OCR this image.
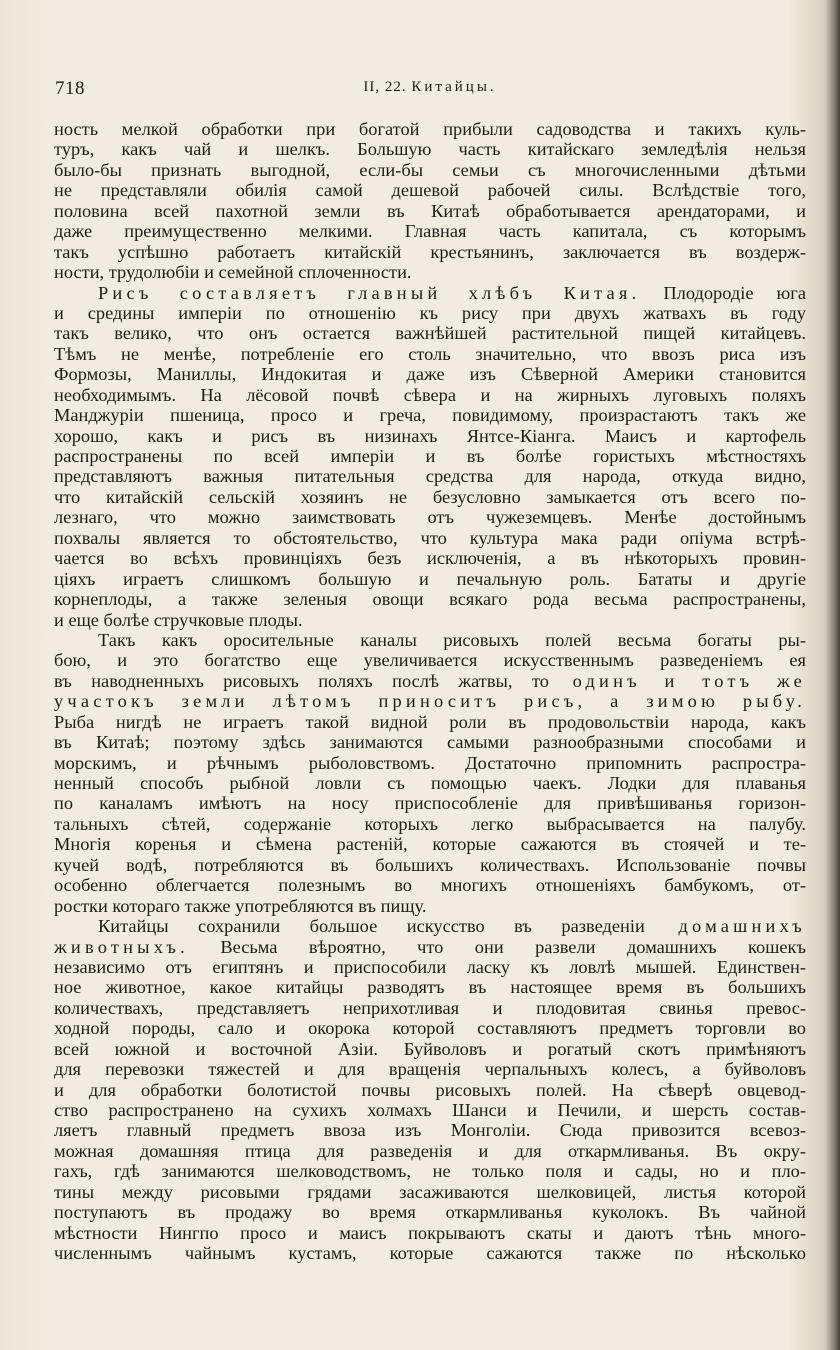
718	II, 22. Китайцы.
ность мелкой обработки при богатой прибыли садоводства и такихъ куль-
туръ, какъ чай и шелкъ. Большую часть китайскаго земледѣлія нельзя
было-бы признать выгодной, если-бы семьи съ многочисленными дѣтьми
не представляли обилія самой дешевой рабочей силы. Вслѣдствіе того,
половина всей пахотной земли въ Китаѣ обработывается арендаторами, и
даже преимущественно мелкими. Главная часть капитала, съ которымъ
такъ успѣшно работаетъ китайскій крестьянинъ, заключается въ воздерж-
ности, трудолюбіи и семейной сплоченности.
Рисъ составляетъ главный хлѣбъ Китая. Плодородіе юга
и средины имперіи по отношенію къ рису при двухъ жатвахъ въ году
такъ велико, что онъ остается важнѣйшей растительной пищей китайцевъ.
Тѣмъ не менѣе, потребленіе его столь значительно, что ввозъ риса изъ
Формозы, Маниллы, Индокитая и даже изъ Сѣверной Америки становится
необходимымъ. На лёсовой почвѣ сѣвера и на жирныхъ луговыхъ поляхъ
Манджуріи пшеница, просо и греча, повидимому, произрастаютъ такъ же
хорошо, какъ и рисъ въ низинахъ Янтсе-Кіанга. Маисъ и картофель
распространены по всей имперіи и въ болѣе гористыхъ мѣстностяхъ
представляютъ важныя питательныя средства для народа, откуда видно,
что китайскій сельскій хозяинъ не безусловно замыкается отъ всего по-
лезнаго, что можно заимствовать отъ чужеземцевъ. Менѣе достойнымъ
похвалы является то обстоятельство, что культура мака ради опіума встрѣ-
чается во всѣхъ провинціяхъ безъ исключенія, а въ нѣкоторыхъ провин-
ціяхъ играетъ слишкомъ большую и печальную роль. Бататы и другіе
корнеплоды, а также зеленыя овощи всякаго рода весьма распространены,
и еще болѣе стручковые плоды.
Такъ какъ оросительные каналы рисовыхъ полей весьма богаты ры-
бою, и это богатство еще увеличивается искусственнымъ разведеніемъ ея
въ наводненныхъ рисовыхъ поляхъ послѣ жатвы, то одинъ и тотъ же
участокъ земли лѣтомъ приноситъ рисъ, а зимою рыбу.
Рыба нигдѣ не играетъ такой видной роли въ продовольствіи народа, какъ
въ Китаѣ; поэтому здѣсь занимаются самыми разнообразными способами и
морскимъ, и рѣчнымъ рыболовствомъ. Достаточно припомнить распростра-
ненный способъ рыбной ловли съ помощью чаекъ. Лодки для плаванья
по каналамъ имѣютъ на носу приспособленіе для привѣшиванья горизон-
тальныхъ сѣтей, содержаніе которыхъ легко выбрасывается на палубу.
Многія коренья и сѣмена растеній, которые сажаются въ стоячей и те-
кучей водѣ, потребляются въ большихъ количествахъ. Использованіе почвы
особенно облегчается полезнымъ во многихъ отношеніяхъ бамбукомъ, от-
ростки котораго также употребляются въ пищу.
Китайцы сохранили большое искусство въ разведеніи домашнихъ
животныхъ. Весьма вѣроятно, что они развели домашнихъ кошекъ
независимо отъ египтянъ и приспособили ласку къ ловлѣ мышей. Единствен-
ное животное, какое китайцы разводятъ въ настоящее время въ большихъ
количествахъ, представляетъ неприхотливая и плодовитая свинья превос-
ходной породы, сало и окорока которой составляютъ предметъ торговли во
всей южной и восточной Азіи. Буйволовъ и рогатый скотъ примѣняютъ
для перевозки тяжестей и для вращенія черпальныхъ колесъ, а буйволовъ
и для обработки болотистой почвы рисовыхъ полей. На сѣверѣ овцевод-
ство распространено на сухихъ холмахъ Шанси и Печили, и шерсть состав-
ляетъ главный предметъ ввоза изъ Монголіи. Сюда привозится всевоз-
можная домашняя птица для разведенія и для откармливанья. Въ окру-
гахъ, гдѣ занимаются шелководствомъ, не только поля и сады, но и пло-
тины между рисовыми грядами засаживаются шелковицей, листья которой
поступаютъ въ продажу во время откармливанья куколокъ. Въ чайной
мѣстности Нингпо просо и маисъ покрываютъ скаты и даютъ тѣнь много-
численнымъ чайнымъ кустамъ, которые сажаются также по нѣсколько
